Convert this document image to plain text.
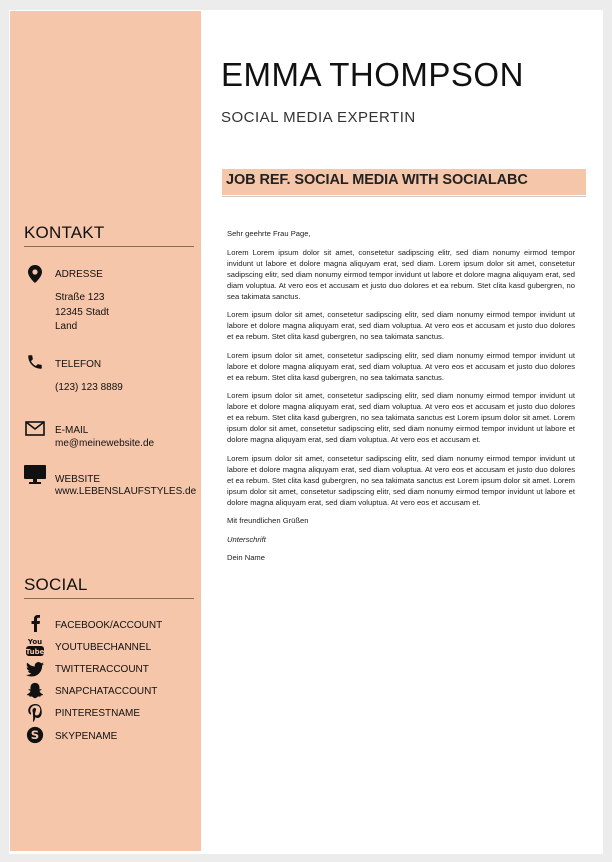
KONTAKT
ADRESSE
Straße 123
12345 Stadt
Land
TELEFON
(123) 123 8889
E-MAIL
me@meinewebsite.de
WEBSITE
www.LEBENSLAUFSTYLES.de
SOCIAL
FACEBOOK/ACCOUNT
You
Tube YOUTUBECHANNEL
TWITTERACCOUNT
SNAPCHATACCOUNT
PINTERESTNAME
S SKYPENAME
EMMA THOMPSON
SOCIAL MEDIA EXPERTIN
JOB REF. SOCIAL MEDIA WITH SOCIALABC

Sehr geehrte Frau Page,

Lorem Lorem ipsum dolor sit amet, consetetur sadipscing elitr, sed diam nonumy eirmod tempor invidunt ut labore et dolore magna aliquyam erat, sed diam. Lorem ipsum dolor sit amet, consetetur sadipscing elitr, sed diam nonumy eirmod tempor invidunt ut labore et dolore magna aliquyam erat, sed diam voluptua. At vero eos et accusam et justo duo dolores et ea rebum. Stet clita kasd gubergren, no sea takimata sanctus.

Lorem ipsum dolor sit amet, consetetur sadipscing elitr, sed diam nonumy eirmod tempor invidunt ut labore et dolore magna aliquyam erat, sed diam voluptua. At vero eos et accusam et justo duo dolores et ea rebum. Stet clita kasd gubergren, no sea takimata sanctus.

Lorem ipsum dolor sit amet, consetetur sadipscing elitr, sed diam nonumy eirmod tempor invidunt ut labore et dolore magna aliquyam erat, sed diam voluptua. At vero eos et accusam et justo duo dolores et ea rebum. Stet clita kasd gubergren, no sea takimata sanctus.

Lorem ipsum dolor sit amet, consetetur sadipscing elitr, sed diam nonumy eirmod tempor invidunt ut labore et dolore magna aliquyam erat, sed diam voluptua. At vero eos et accusam et justo duo dolores et ea rebum. Stet clita kasd gubergren, no sea takimata sanctus est Lorem ipsum dolor sit amet. Lorem ipsum dolor sit amet, consetetur sadipscing elitr, sed diam nonumy eirmod tempor invidunt ut labore et dolore magna aliquyam erat, sed diam voluptua. At vero eos et accusam et.

Lorem ipsum dolor sit amet, consetetur sadipscing elitr, sed diam nonumy eirmod tempor invidunt ut labore et dolore magna aliquyam erat, sed diam voluptua. At vero eos et accusam et justo duo dolores et ea rebum. Stet clita kasd gubergren, no sea takimata sanctus est Lorem ipsum dolor sit amet. Lorem ipsum dolor sit amet, consetetur sadipscing elitr, sed diam nonumy eirmod tempor invidunt ut labore et dolore magna aliquyam erat, sed diam voluptua. At vero eos et accusam et.

Mit freundlichen Grüßen

Unterschrift

Dein Name
